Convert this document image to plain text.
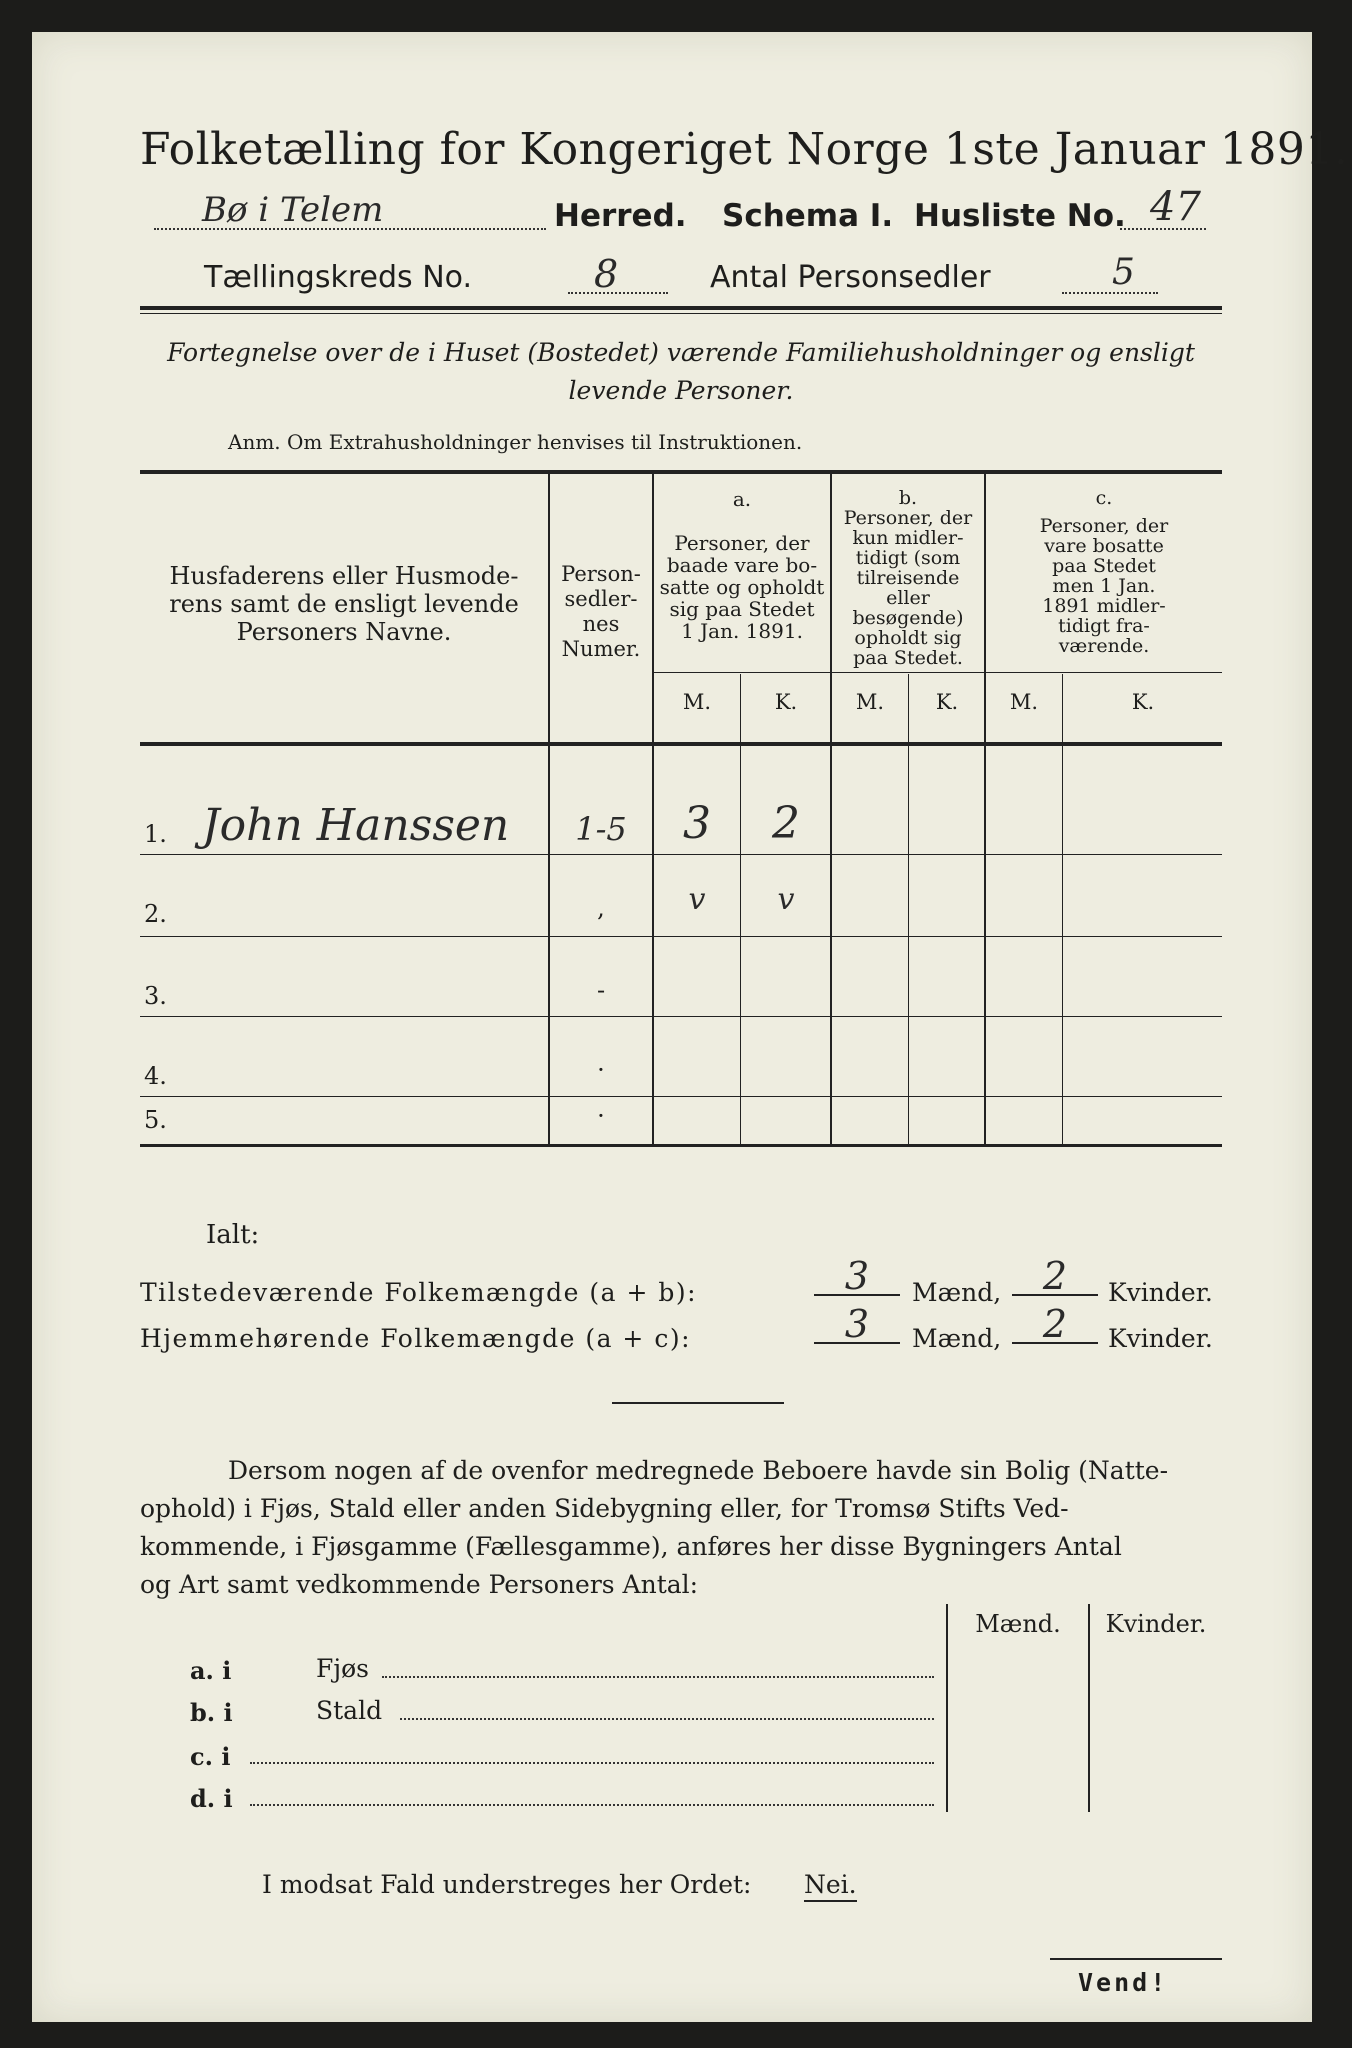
Folketælling for Kongeriget Norge 1ste Januar 1891.
Bø i Telem	Herred. Schema I. Husliste No. 47
Tællingskreds No.	8	Antal Personsedler	5
Fortegnelse over de i Huset (Bostedet) værende Familiehusholdninger og ensligt
levende Personer.
Anm. Om Extrahusholdninger henvises til Instruktionen.
Husfaderens eller Husmode-
rens samt de ensligt levende
Personers Navne.
Person-
sedler-
nes
Numer.
a.
Personer, der
baade vare bo-
satte og opholdt
sig paa Stedet
1 Jan. 1891.
b.
Personer, der
kun midler-
tidigt (som
tilreisende
eller
besøgende)
opholdt sig
paa Stedet.
c.
Personer, der
vare bosatte
paa Stedet
men 1 Jan.
1891 midler-
tidigt fra-
værende.
M.	K.	M.	K.	M.	K.
1. John Hanssen	1-5	3	2
2.	,	v	v
3.	-
4.	·
5.	·
Ialt:
Tilstedeværende Folkemængde (a + b):	3	Mænd,	2	Kvinder.
Hjemmehørende Folkemængde (a + c):	3	Mænd,	2	Kvinder.
Dersom nogen af de ovenfor medregnede Beboere havde sin Bolig (Natte-
ophold) i Fjøs, Stald eller anden Sidebygning eller, for Tromsø Stifts Ved-
kommende, i Fjøsgamme (Fællesgamme), anføres her disse Bygningers Antal
og Art samt vedkommende Personers Antal:
Mænd.	Kvinder.
a. i	Fjøs
b. i	Stald
c. i
d. i
I modsat Fald understreges her Ordet: Nei.
Vend!
